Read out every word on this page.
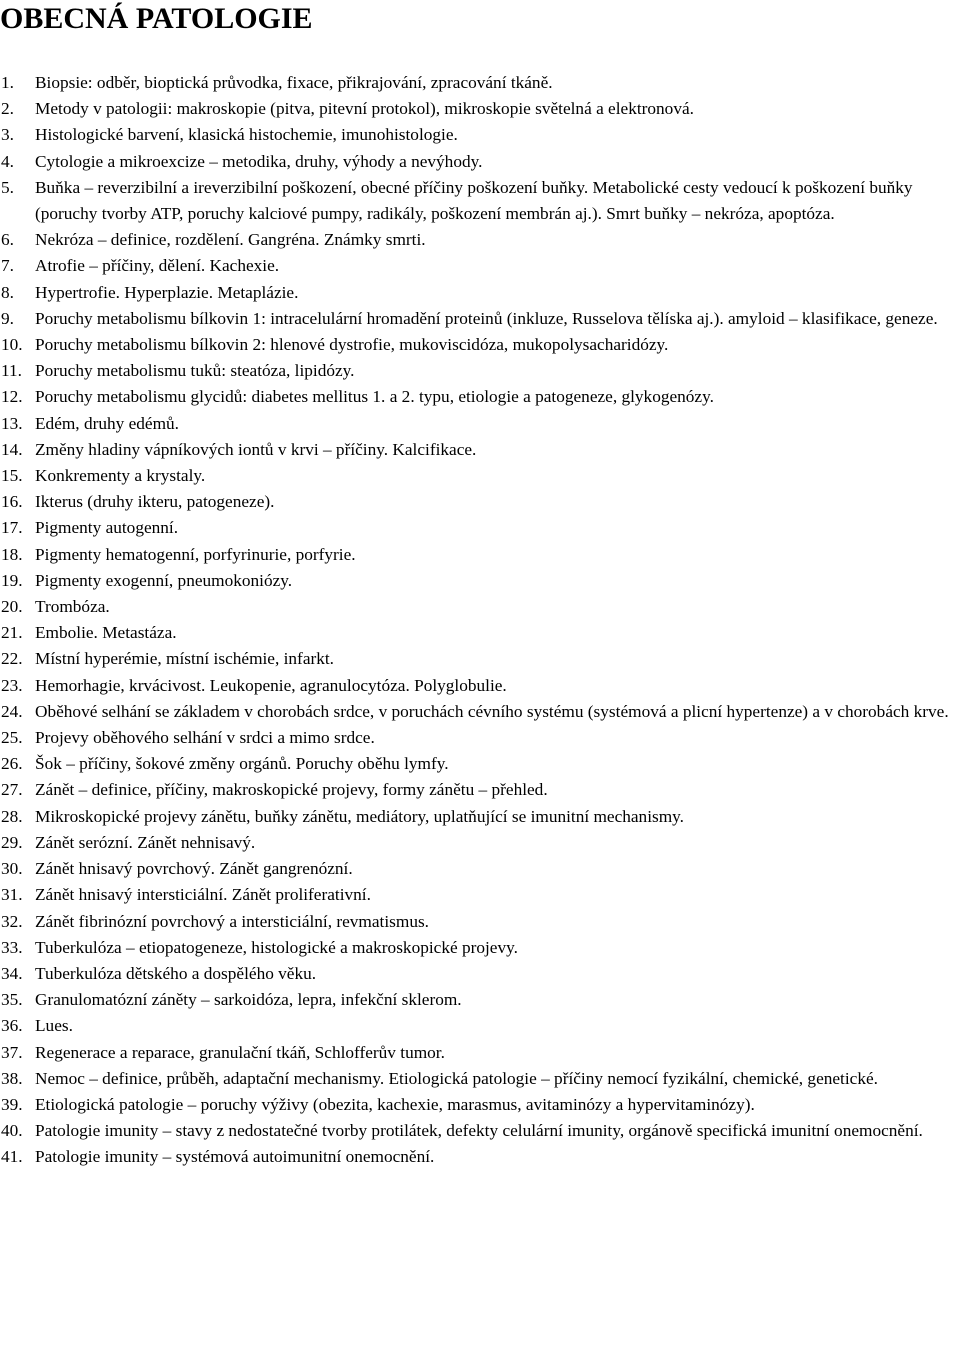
OBECNÁ PATOLOGIE
1.	Biopsie: odběr, bioptická průvodka, fixace, přikrajování, zpracování tkáně.
2.	Metody v patologii: makroskopie (pitva, pitevní protokol), mikroskopie světelná a elektronová.
3.	Histologické barvení, klasická histochemie, imunohistologie.
4.	Cytologie a mikroexcize – metodika, druhy, výhody a nevýhody.
5.	Buňka – reverzibilní a ireverzibilní poškození, obecné příčiny poškození buňky. Metabolické cesty vedoucí k poškození buňky (poruchy tvorby ATP, poruchy kalciové pumpy, radikály, poškození membrán aj.). Smrt buňky – nekróza, apoptóza.
6.	Nekróza – definice, rozdělení. Gangréna. Známky smrti.
7.	Atrofie – příčiny, dělení. Kachexie.
8.	Hypertrofie. Hyperplazie. Metaplázie.
9.	Poruchy metabolismu bílkovin 1: intracelulární hromadění proteinů (inkluze, Russelova tělíska aj.). amyloid – klasifikace, geneze.
10. Poruchy metabolismu bílkovin 2: hlenové dystrofie, mukoviscidóza, mukopolysacharidózy.
11. Poruchy metabolismu tuků: steatóza, lipidózy.
12. Poruchy metabolismu glycidů: diabetes mellitus 1. a 2. typu, etiologie a patogeneze, glykogenózy.
13. Edém, druhy edémů.
14. Změny hladiny vápníkových iontů v krvi – příčiny. Kalcifikace.
15. Konkrementy a krystaly.
16. Ikterus (druhy ikteru, patogeneze).
17. Pigmenty autogenní.
18. Pigmenty hematogenní, porfyrinurie, porfyrie.
19. Pigmenty exogenní, pneumokoniózy.
20. Trombóza.
21. Embolie. Metastáza.
22. Místní hyperémie, místní ischémie, infarkt.
23. Hemorhagie, krvácivost. Leukopenie, agranulocytóza. Polyglobulie.
24. Oběhové selhání se základem v chorobách srdce, v poruchách cévního systému (systémová a plicní hypertenze) a v chorobách krve.
25. Projevy oběhového selhání v srdci a mimo srdce.
26. Šok – příčiny, šokové změny orgánů. Poruchy oběhu lymfy.
27. Zánět – definice, příčiny, makroskopické projevy, formy zánětu – přehled.
28. Mikroskopické projevy zánětu, buňky zánětu, mediátory, uplatňující se imunitní mechanismy.
29. Zánět serózní. Zánět nehnisavý.
30. Zánět hnisavý povrchový. Zánět gangrenózní.
31. Zánět hnisavý intersticiální. Zánět proliferativní.
32. Zánět fibrinózní povrchový a intersticiální, revmatismus.
33. Tuberkulóza – etiopatogeneze, histologické a makroskopické projevy.
34. Tuberkulóza dětského a dospělého věku.
35. Granulomatózní záněty – sarkoidóza, lepra, infekční sklerom.
36. Lues.
37. Regenerace a reparace, granulační tkáň, Schlofferův tumor.
38. Nemoc – definice, průběh, adaptační mechanismy. Etiologická patologie – příčiny nemocí fyzikální, chemické, genetické.
39. Etiologická patologie – poruchy výživy (obezita, kachexie, marasmus, avitaminózy a hypervitaminózy).
40. Patologie imunity – stavy z nedostatečné tvorby protilátek, defekty celulární imunity, orgánově specifická imunitní onemocnění.
41. Patologie imunity – systémová autoimunitní onemocnění.
